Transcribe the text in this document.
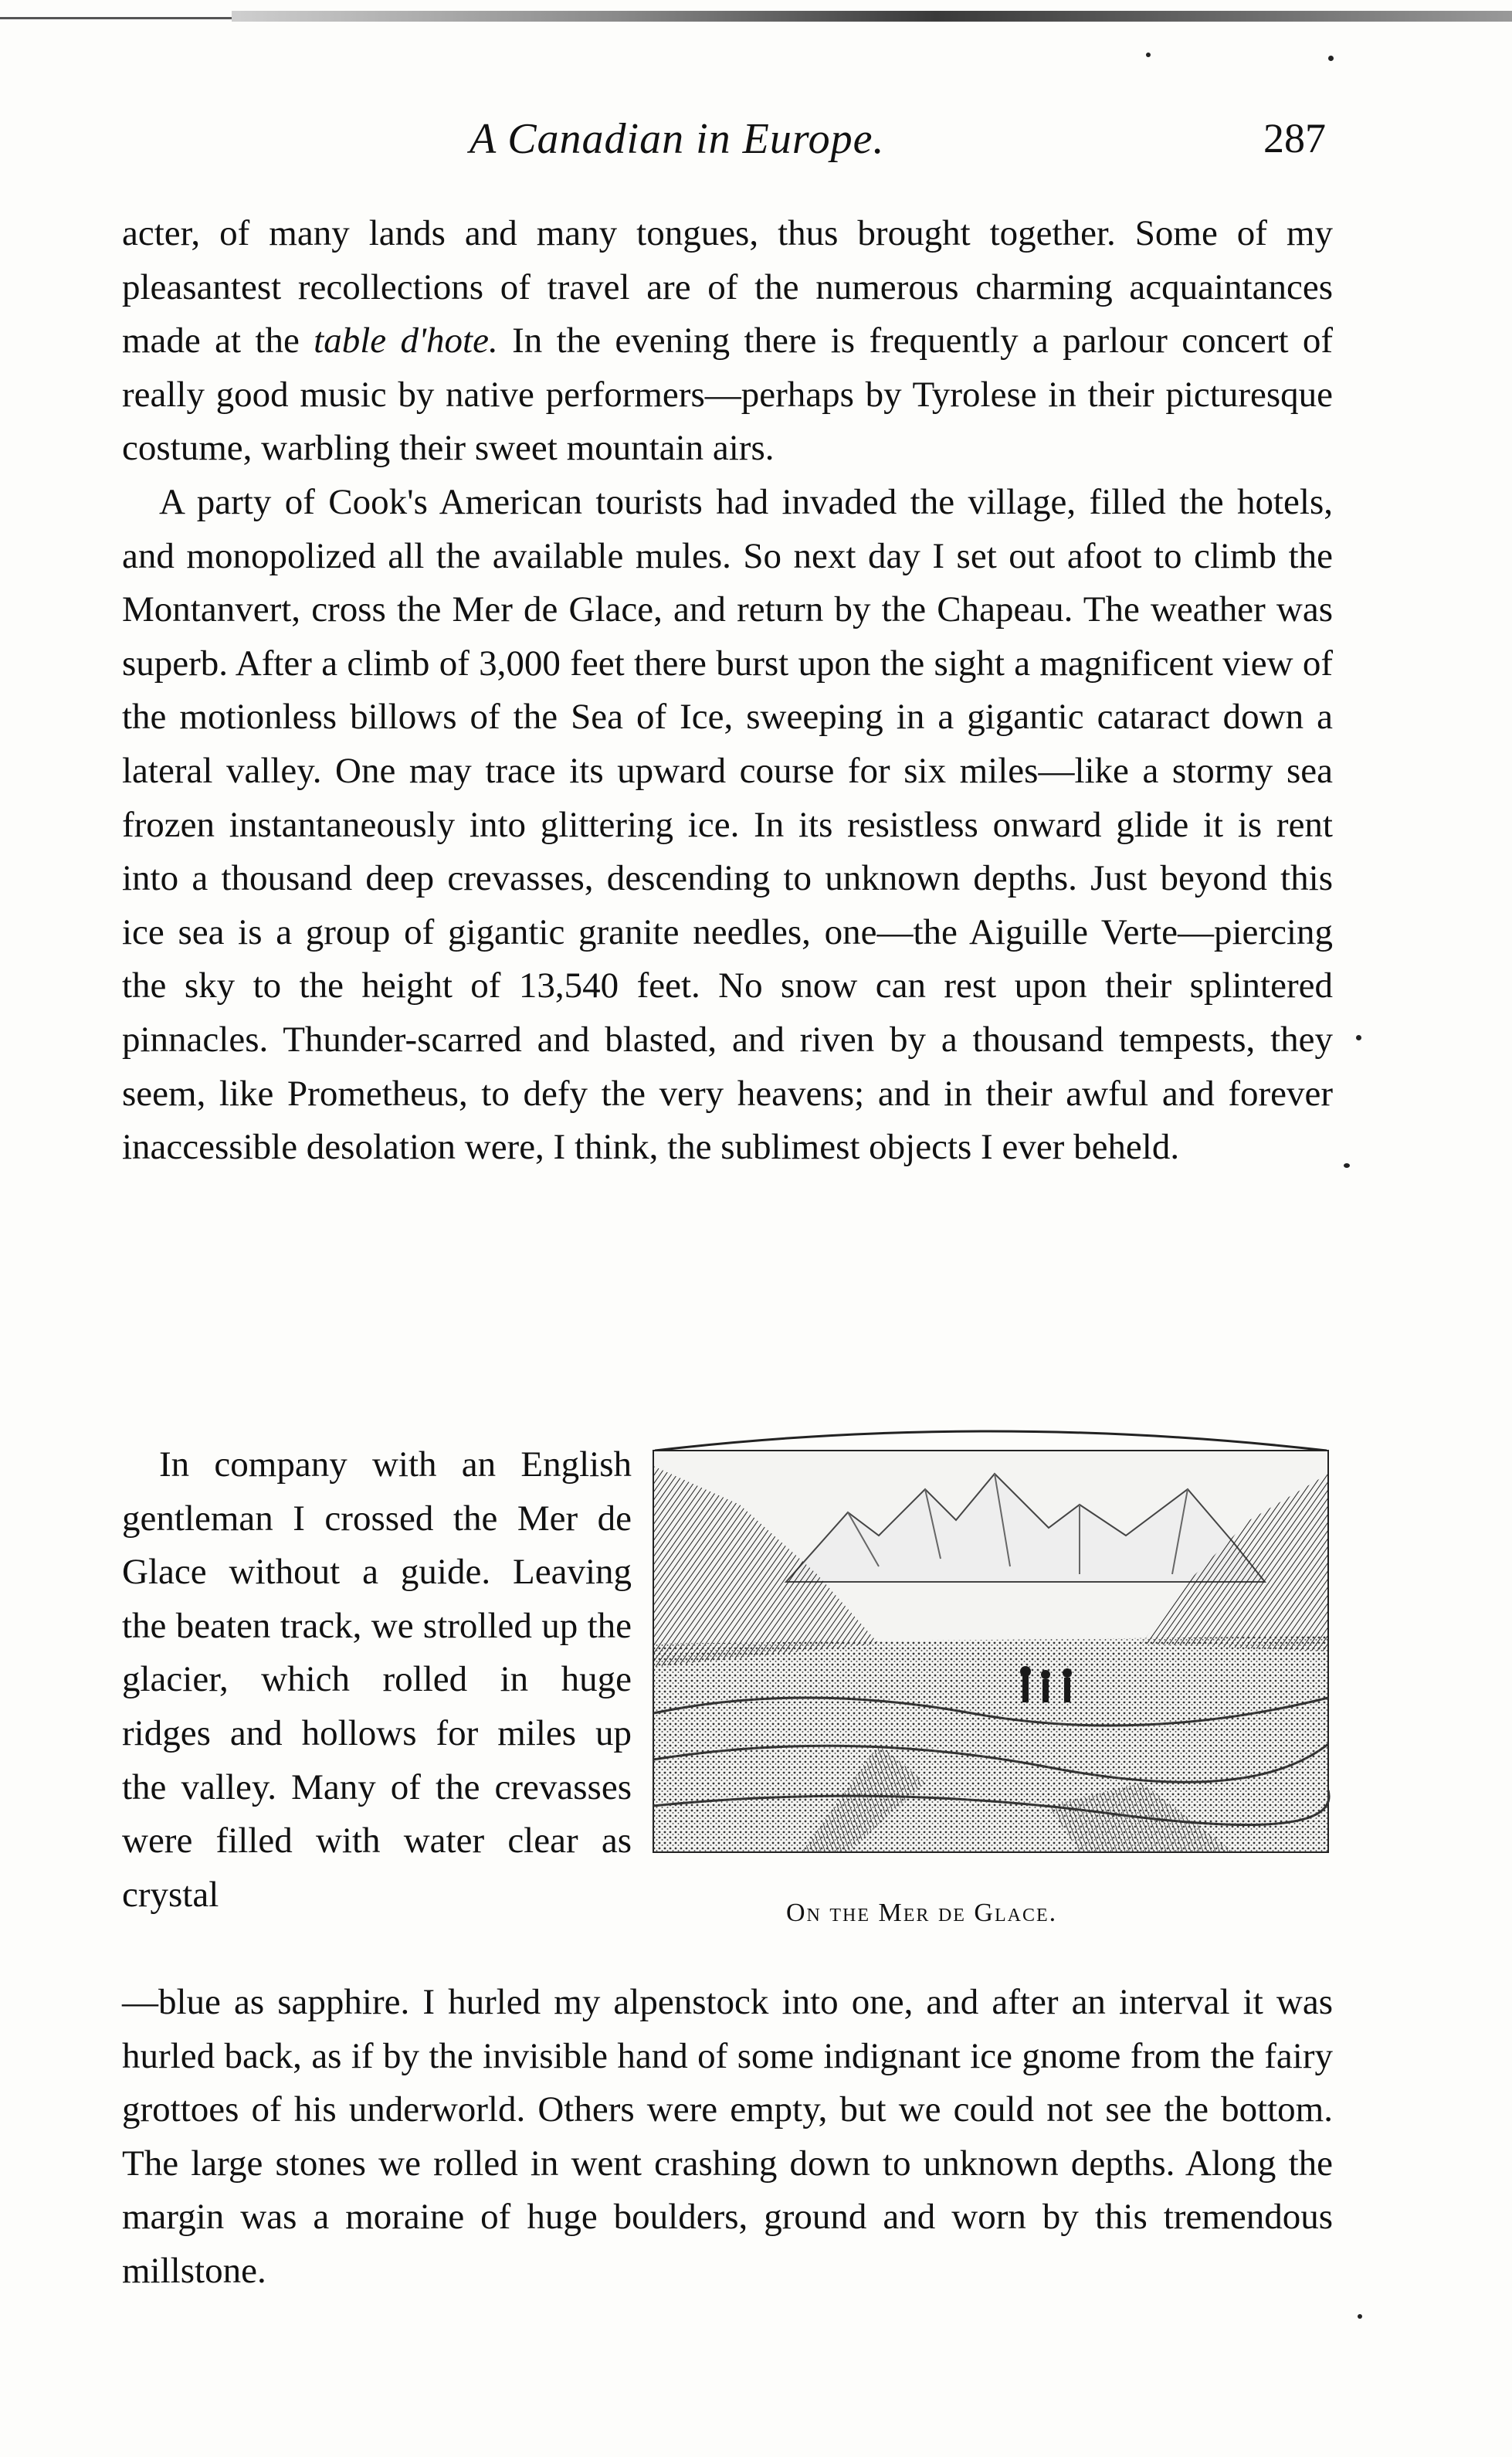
A Canadian in Europe.	287

acter, of many lands and many tongues, thus brought together. Some of my pleasantest recollections of travel are of the numerous charming acquaintances made at the table d'hote. In the evening there is frequently a parlour concert of really good music by native performers—perhaps by Tyrolese in their picturesque costume, warbling their sweet mountain airs.

A party of Cook's American tourists had invaded the village, filled the hotels, and monopolized all the available mules. So next day I set out afoot to climb the Montanvert, cross the Mer de Glace, and return by the Chapeau. The weather was superb. After a climb of 3,000 feet there burst upon the sight a magnificent view of the motionless billows of the Sea of Ice, sweeping in a gigantic cataract down a lateral valley. One may trace its upward course for six miles—like a stormy sea frozen instantaneously into glittering ice. In its resistless onward glide it is rent into a thousand deep crevasses, descending to unknown depths. Just beyond this ice sea is a group of gigantic granite needles, one—the Aiguille Verte—piercing the sky to the height of 13,540 feet. No snow can rest upon their splintered pinnacles. Thunder-scarred and blasted, and riven by a thousand tempests, they seem, like Prometheus, to defy the very heavens; and in their awful and forever inaccessible desolation were, I think, the sublimest objects I ever beheld.

In company with an English gentleman I crossed the Mer de Glace without a guide. Leaving the beaten track, we strolled up the glacier, which rolled in huge ridges and hollows for miles up the valley. Many of the crevasses were filled with water clear as crystal	On the Mer de Glace.

—blue as sapphire. I hurled my alpenstock into one, and after an interval it was hurled back, as if by the invisible hand of some indignant ice gnome from the fairy grottoes of his underworld. Others were empty, but we could not see the bottom. The large stones we rolled in went crashing down to unknown depths. Along the margin was a moraine of huge boulders, ground and worn by this tremendous millstone.
